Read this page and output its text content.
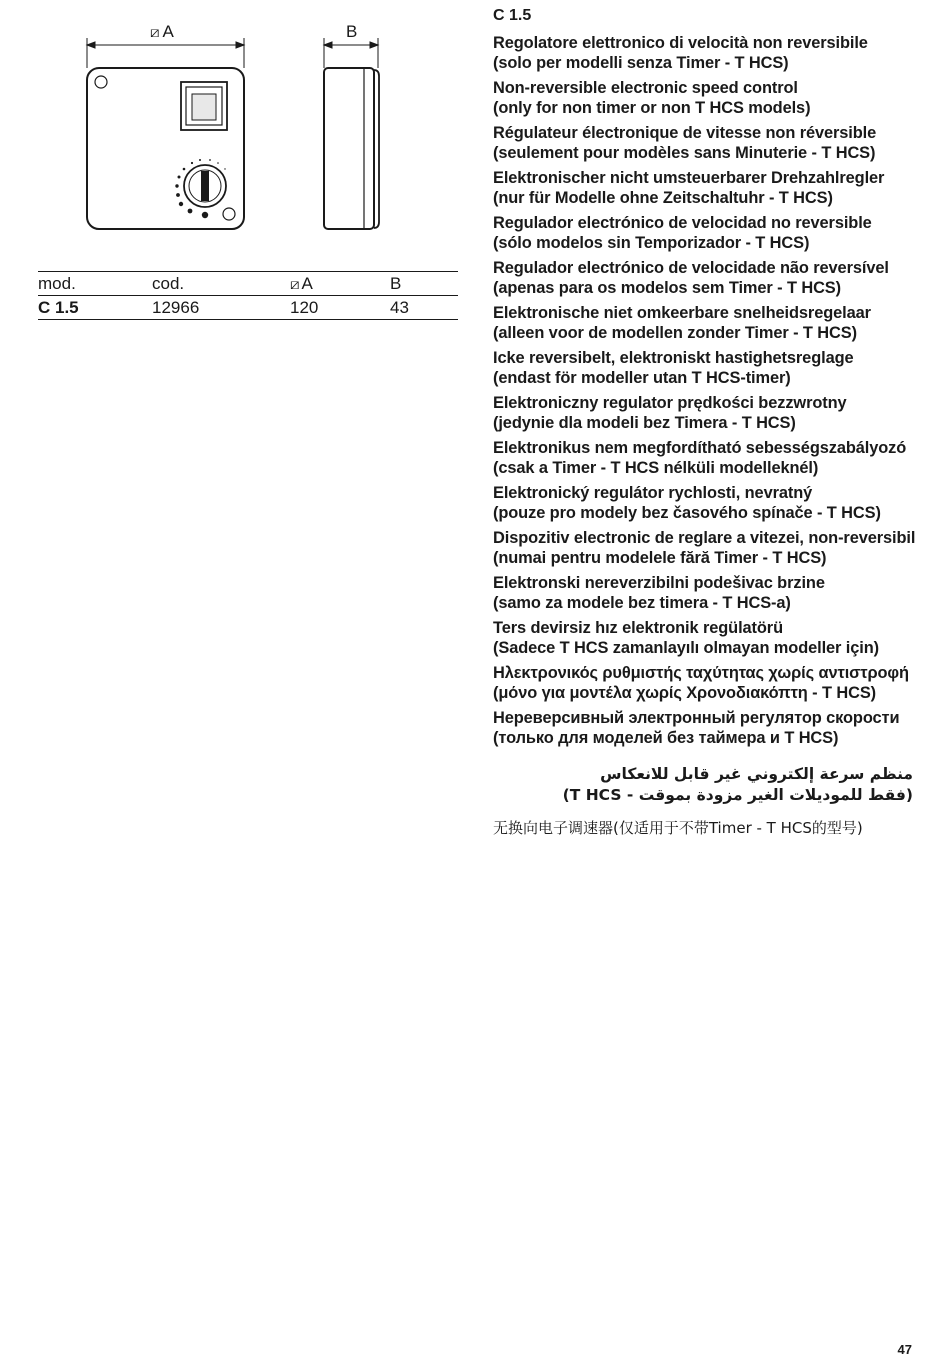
⧄ A	B
mod.	cod.	⧄ A	B
C 1.5	12966	120	43
C 1.5
Regolatore elettronico di velocità non reversibile
(solo per modelli senza Timer - T HCS)
Non-reversible electronic speed control
(only for non timer or non T HCS models)
Régulateur électronique de vitesse non réversible
(seulement pour modèles sans Minuterie - T HCS)
Elektronischer nicht umsteuerbarer Drehzahlregler
(nur für Modelle ohne Zeitschaltuhr - T HCS)
Regulador electrónico de velocidad no reversible
(sólo modelos sin Temporizador - T HCS)
Regulador electrónico de velocidade não reversível
(apenas para os modelos sem Timer - T HCS)
Elektronische niet omkeerbare snelheidsregelaar
(alleen voor de modellen zonder Timer - T HCS)
Icke reversibelt, elektroniskt hastighetsreglage
(endast för modeller utan T HCS-timer)
Elektroniczny regulator prędkości bezzwrotny
(jedynie dla modeli bez Timera - T HCS)
Elektronikus nem megfordítható sebességszabályozó
(csak a Timer - T HCS nélküli modelleknél)
Elektronický regulátor rychlosti, nevratný
(pouze pro modely bez časového spínače - T HCS)
Dispozitiv electronic de reglare a vitezei, non-reversibil
(numai pentru modelele fără Timer - T HCS)
Elektronski nereverzibilni podešivac brzine
(samo za modele bez timera - T HCS-a)
Ters devirsiz hız elektronik regülatörü
(Sadece T HCS zamanlayılı olmayan modeller için)
Ηλεκτρονικός ρυθμιστής ταχύτητας χωρίς αντιστροφή
(μόνο για μοντέλα χωρίς Χρονοδιακόπτη - T HCS)
Нереверсивный электронный регулятор скорости
(только для моделей без таймера и T HCS)
منظم سرعة إلكتروني غير قابل للانعكاس
(فقط للموديلات الغير مزودة بموقت - T HCS)
无换向电子调速器(仅适用于不带Timer - T HCS的型号)
47
